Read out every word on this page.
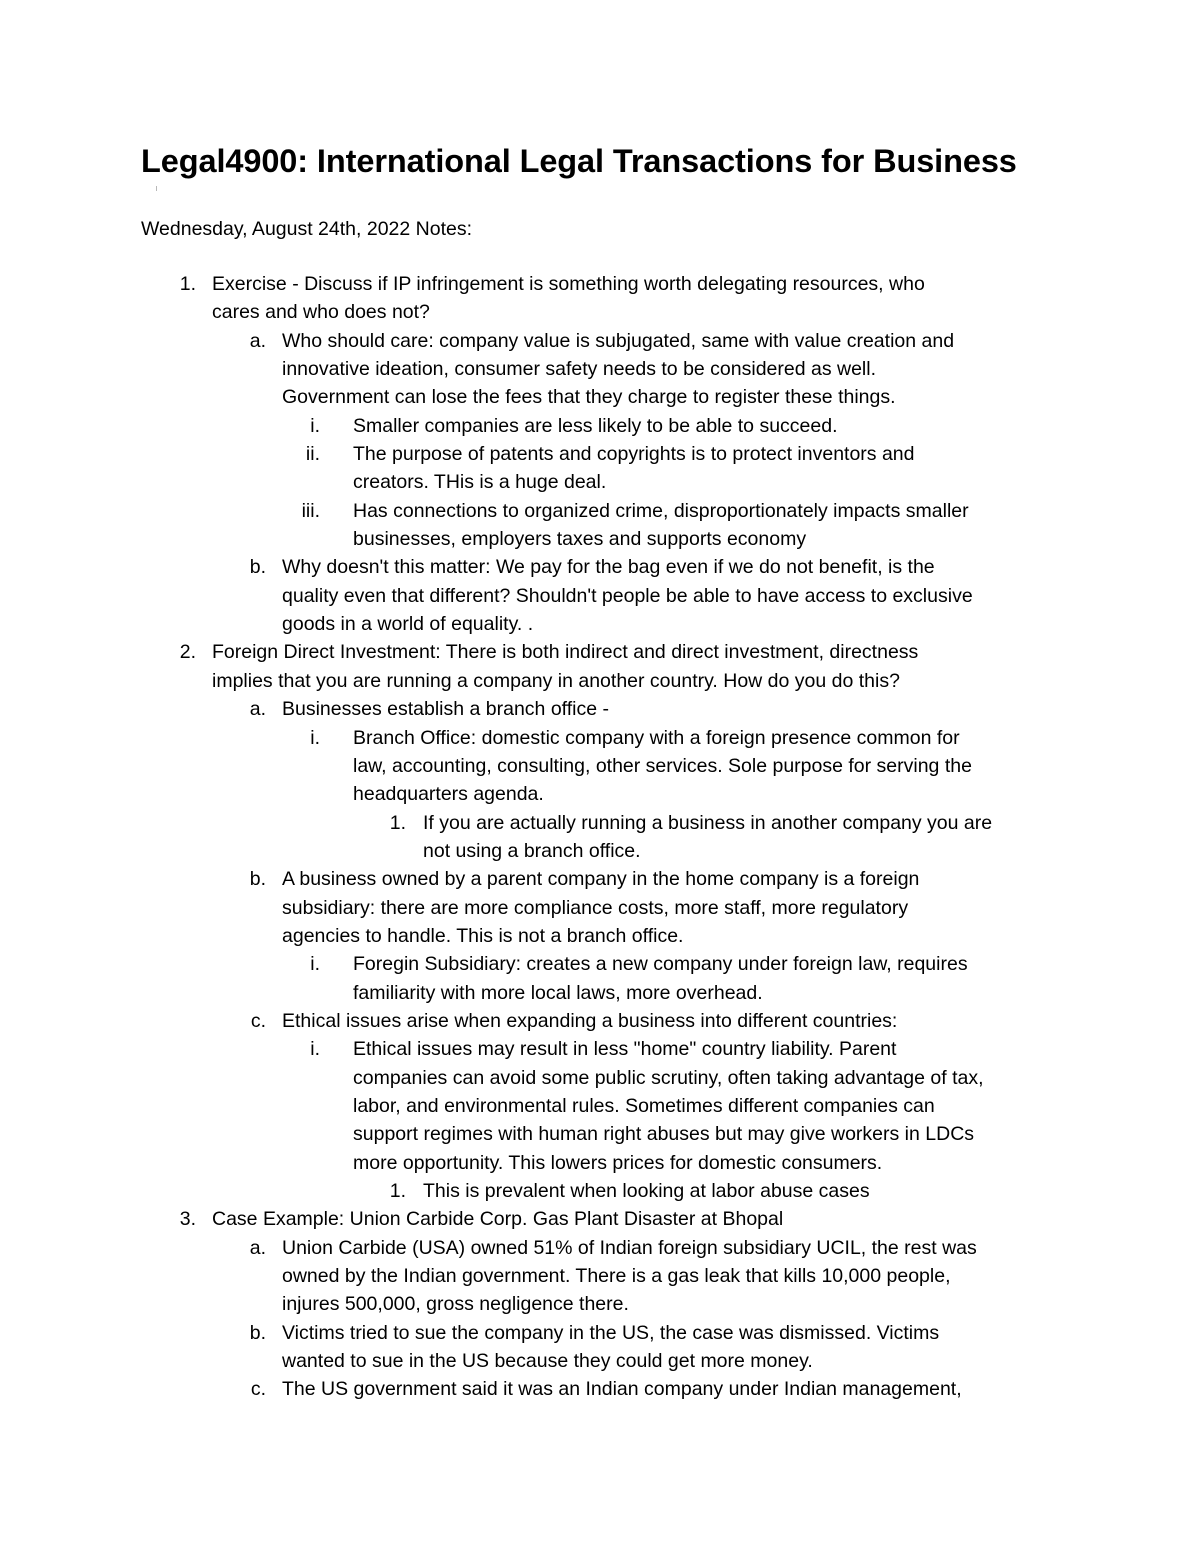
Legal4900: International Legal Transactions for Business
Wednesday, August 24th, 2022 Notes:
1. Exercise - Discuss if IP infringement is something worth delegating resources, who
cares and who does not?
a. Who should care: company value is subjugated, same with value creation and
innovative ideation, consumer safety needs to be considered as well.
Government can lose the fees that they charge to register these things.
i. Smaller companies are less likely to be able to succeed.
ii. The purpose of patents and copyrights is to protect inventors and
creators. THis is a huge deal.
iii. Has connections to organized crime, disproportionately impacts smaller
businesses, employers taxes and supports economy
b. Why doesn't this matter: We pay for the bag even if we do not benefit, is the
quality even that different? Shouldn't people be able to have access to exclusive
goods in a world of equality. .
2. Foreign Direct Investment: There is both indirect and direct investment, directness
implies that you are running a company in another country. How do you do this?
a. Businesses establish a branch office -
i. Branch Office: domestic company with a foreign presence common for
law, accounting, consulting, other services. Sole purpose for serving the
headquarters agenda.
1. If you are actually running a business in another company you are
not using a branch office.
b. A business owned by a parent company in the home company is a foreign
subsidiary: there are more compliance costs, more staff, more regulatory
agencies to handle. This is not a branch office.
i. Foregin Subsidiary: creates a new company under foreign law, requires
familiarity with more local laws, more overhead.
c. Ethical issues arise when expanding a business into different countries:
i. Ethical issues may result in less "home" country liability. Parent
companies can avoid some public scrutiny, often taking advantage of tax,
labor, and environmental rules. Sometimes different companies can
support regimes with human right abuses but may give workers in LDCs
more opportunity. This lowers prices for domestic consumers.
1. This is prevalent when looking at labor abuse cases
3. Case Example: Union Carbide Corp. Gas Plant Disaster at Bhopal
a. Union Carbide (USA) owned 51% of Indian foreign subsidiary UCIL, the rest was
owned by the Indian government. There is a gas leak that kills 10,000 people,
injures 500,000, gross negligence there.
b. Victims tried to sue the company in the US, the case was dismissed. Victims
wanted to sue in the US because they could get more money.
c. The US government said it was an Indian company under Indian management,
